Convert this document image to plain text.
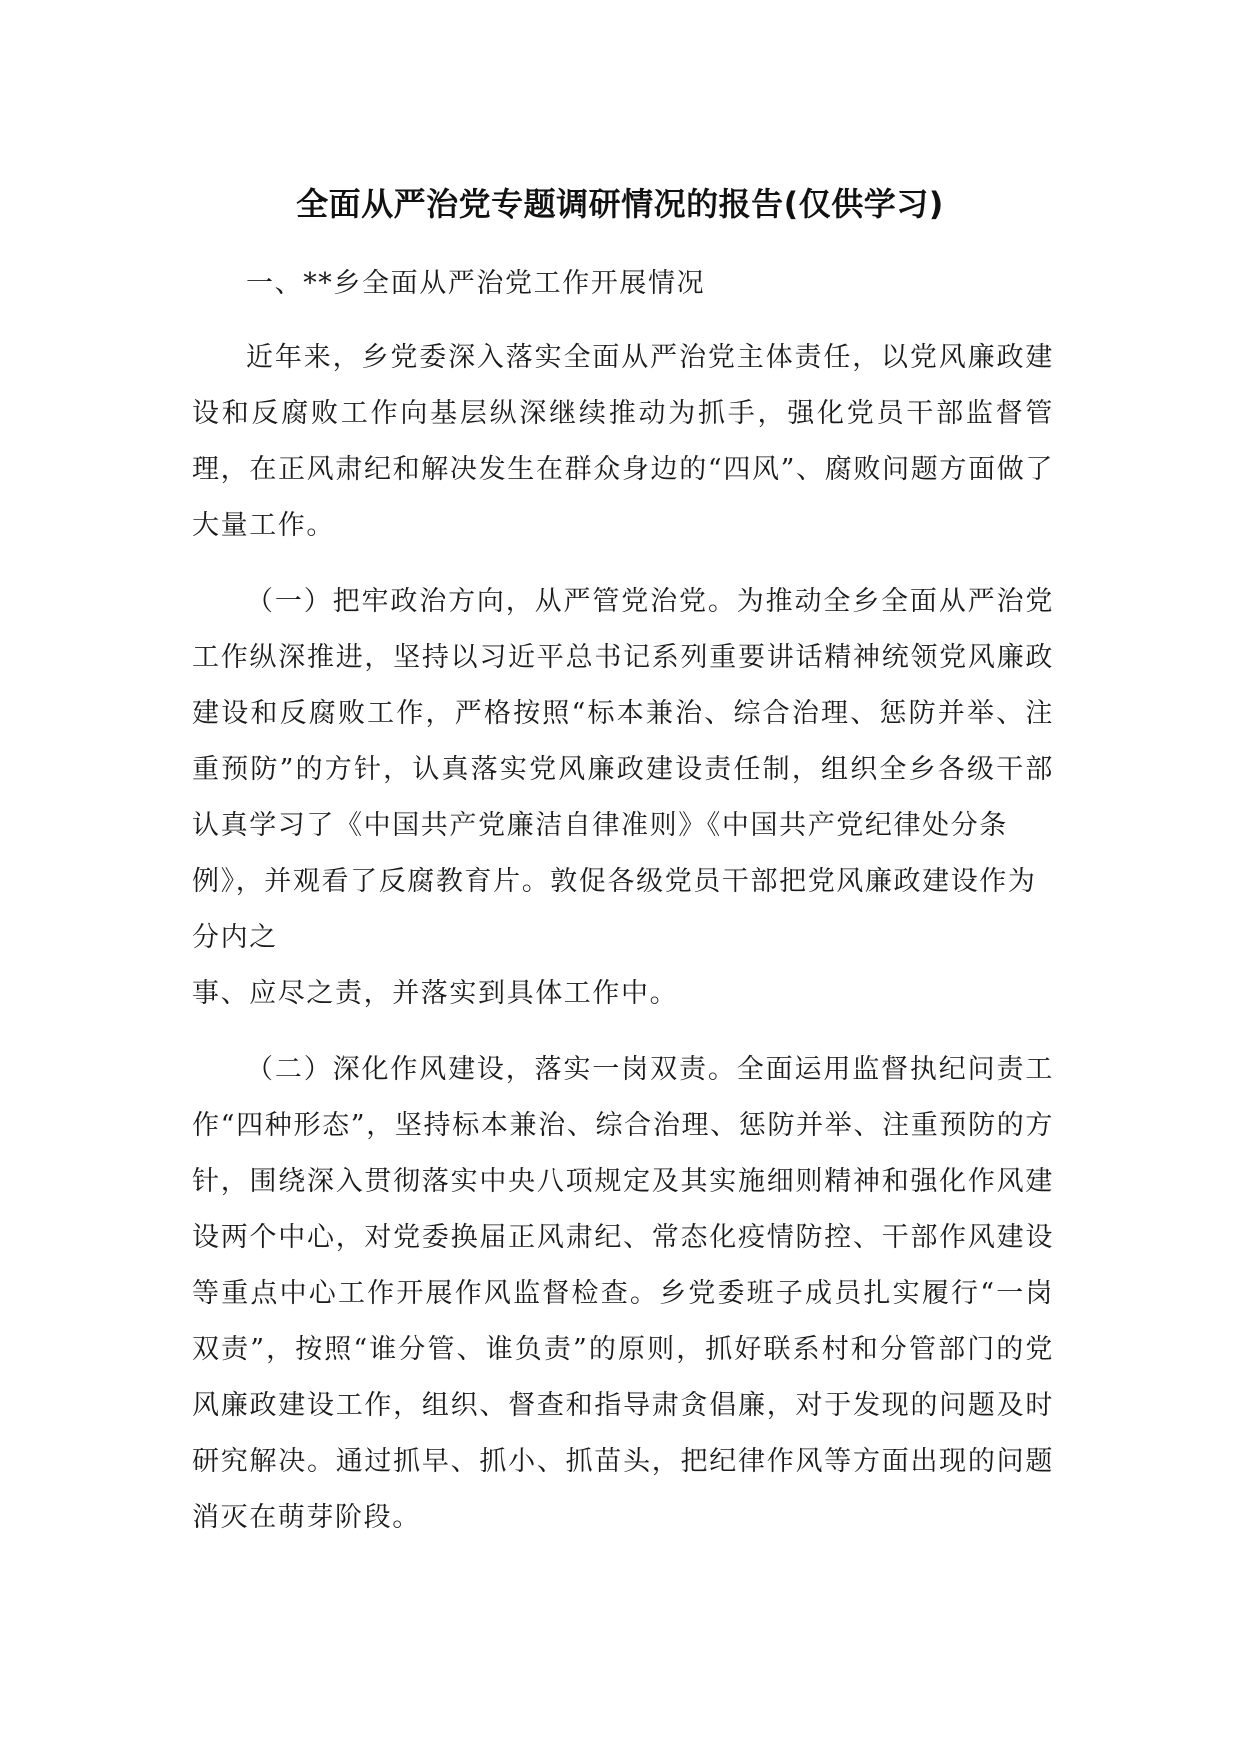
全面从严治党专题调研情况的报告(仅供学习)

一、**乡全面从严治党工作开展情况

近年来，乡党委深入落实全面从严治党主体责任，以党风廉政建设和反腐败工作向基层纵深继续推动为抓手，强化党员干部监督管理，在正风肃纪和解决发生在群众身边的“四风”、腐败问题方面做了大量工作。

（一）把牢政治方向，从严管党治党。为推动全乡全面从严治党工作纵深推进，坚持以习近平总书记系列重要讲话精神统领党风廉政建设和反腐败工作，严格按照“标本兼治、综合治理、惩防并举、注重预防”的方针，认真落实党风廉政建设责任制，组织全乡各级干部认真学习了《中国共产党廉洁自律准则》《中国共产党纪律处分条

例》，并观看了反腐教育片。敦促各级党员干部把党风廉政建设作为分内之

事、应尽之责，并落实到具体工作中。

（二）深化作风建设，落实一岗双责。全面运用监督执纪问责工作“四种形态”，坚持标本兼治、综合治理、惩防并举、注重预防的方针，围绕深入贯彻落实中央八项规定及其实施细则精神和强化作风建设两个中心，对党委换届正风肃纪、常态化疫情防控、干部作风建设等重点中心工作开展作风监督检查。乡党委班子成员扎实履行“一岗双责”，按照“谁分管、谁负责”的原则，抓好联系村和分管部门的党风廉政建设工作，组织、督查和指导肃贪倡廉，对于发现的问题及时研究解决。通过抓早、抓小、抓苗头，把纪律作风等方面出现的问题消灭在萌芽阶段。
